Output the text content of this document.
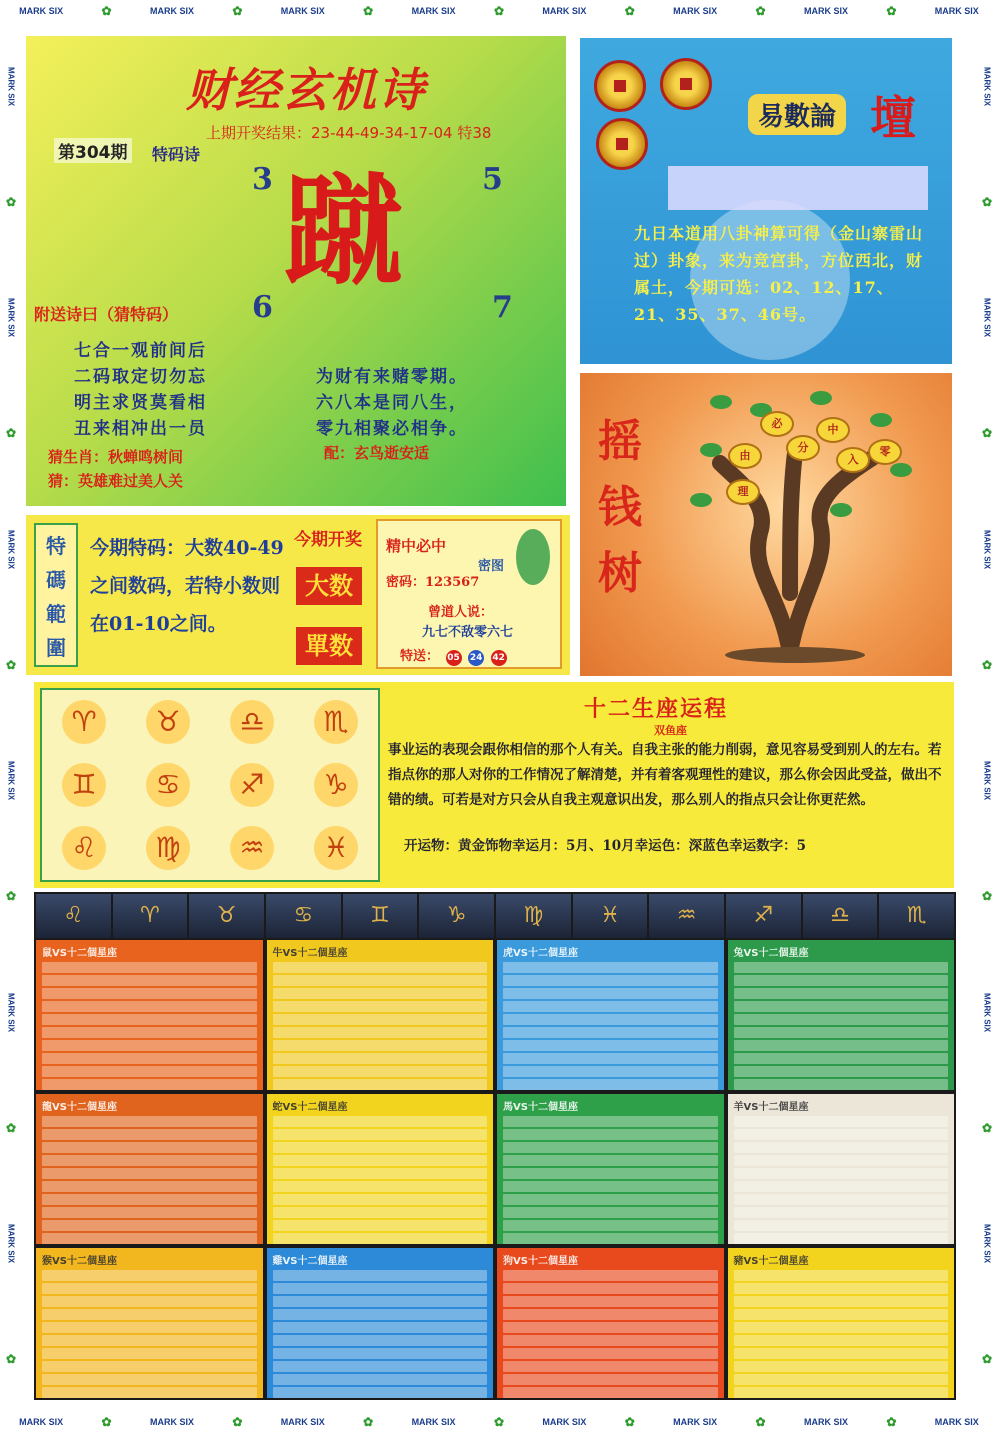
MARK SIX	✿	MARK SIX	✿	MARK SIX	✿	MARK SIX	✿	MARK SIX	✿	MARK SIX	✿	MARK SIX	✿	MARK SIX
MARK SIX	✿	MARK SIX	✿	MARK SIX	✿	MARK SIX	✿	MARK SIX	✿	MARK SIX	✿	MARK SIX	✿	MARK SIX
MARK SIX
✿
MARK SIX
✿
MARK SIX
✿
MARK SIX
✿
MARK SIX
✿
MARK SIX
✿
MARK SIX
✿
MARK SIX
✿
MARK SIX
✿
MARK SIX
✿
MARK SIX
✿
MARK SIX
✿
财经玄机诗
上期开奖结果：23-44-49-34-17-04 特38
第304期 特码诗
3	5
6	7
蹴
附送诗曰（猜特码）
七合一观前间后
二码取定切勿忘
明主求贤莫看相
丑来相冲出一员
为财有来赌零期。
六八本是同八生，
零九相聚必相争。
猜生肖：秋蝉鸣树间	配：玄鸟逝安适
猜：英雄难过美人关
易數論 壇
九日本道用八卦神算可得（金山寨雷山过）卦象，来为竞宫卦，方位西北，财属土，今期可选：02、12、17、21、35、37、46号。
摇
钱
树
必	中
分
入
零
由
理
特
碼
範
圍
今期特码：大数40-49之间数码，若特小数则在01-10之间。
今期开奖
大数
單数
精中必中
密码：123567
密图
曾道人说：
九七不敌零六七
特送： 05 24 42
♈	♉	♎	♏
♊	♋	♐	♑
♌	♍	♒	♓
十二生座运程
双鱼座
事业运的表现会跟你相信的那个人有关。自我主张的能力削弱，意见容易受到别人的左右。若指点你的那人对你的工作情况了解清楚，并有着客观理性的建议，那么你会因此受益，做出不错的绩。可若是对方只会从自我主观意识出发，那么别人的指点只会让你更茫然。
开运物：黄金饰物幸运月：5月、10月幸运色：深蓝色幸运数字：5
♌	♈	♉	♋	♊	♑	♍	♓	♒	♐	♎	♏
鼠VS十二個星座	牛VS十二個星座	虎VS十二個星座	兔VS十二個星座
龍VS十二個星座	蛇VS十二個星座	馬VS十二個星座	羊VS十二個星座
猴VS十二個星座	雞VS十二個星座	狗VS十二個星座	豬VS十二個星座
